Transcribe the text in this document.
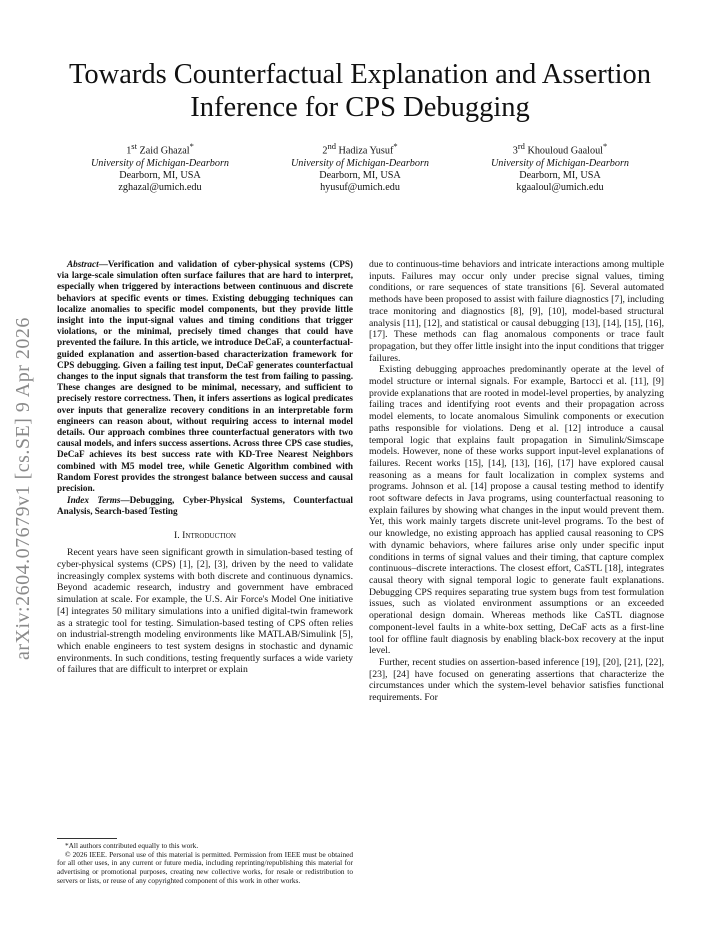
Towards Counterfactual Explanation and Assertion
Inference for CPS Debugging
1st Zaid Ghazal*
University of Michigan-Dearborn
Dearborn, MI, USA
zghazal@umich.edu
2nd Hadiza Yusuf*
University of Michigan-Dearborn
Dearborn, MI, USA
hyusuf@umich.edu
3rd Khouloud Gaaloul*
University of Michigan-Dearborn
Dearborn, MI, USA
kgaaloul@umich.edu
arXiv:2604.07679v1 [cs.SE] 9 Apr 2026

Abstract—Verification and validation of cyber-physical systems (CPS) via large-scale simulation often surface failures that are hard to interpret, especially when triggered by interactions between continuous and discrete behaviors at specific events or times. Existing debugging techniques can localize anomalies to specific model components, but they provide little insight into the input-signal values and timing conditions that trigger violations, or the minimal, precisely timed changes that could have prevented the failure. In this article, we introduce DeCaF, a counterfactual-guided explanation and assertion-based characterization framework for CPS debugging. Given a failing test input, DeCaF generates counterfactual changes to the input signals that transform the test from failing to passing. These changes are designed to be minimal, necessary, and sufficient to precisely restore correctness. Then, it infers assertions as logical predicates over inputs that generalize recovery conditions in an interpretable form engineers can reason about, without requiring access to internal model details. Our approach combines three counterfactual generators with two causal models, and infers success assertions. Across three CPS case studies, DeCaF achieves its best success rate with KD-Tree Nearest Neighbors combined with M5 model tree, while Genetic Algorithm combined with Random Forest provides the strongest balance between success and causal precision.

Index Terms—Debugging, Cyber-Physical Systems, Counterfactual Analysis, Search-based Testing

I. Introduction

Recent years have seen significant growth in simulation-based testing of cyber-physical systems (CPS) [1], [2], [3], driven by the need to validate increasingly complex systems with both discrete and continuous dynamics. Beyond academic research, industry and government have embraced simulation at scale. For example, the U.S. Air Force's Model One initiative [4] integrates 50 military simulations into a unified digital-twin framework as a strategic tool for testing. Simulation-based testing of CPS often relies on industrial-strength modeling environments like MATLAB/Simulink [5], which enable engineers to test system designs in stochastic and dynamic environments. In such conditions, testing frequently surfaces a wide variety of failures that are difficult to interpret or explain

*All authors contributed equally to this work.

© 2026 IEEE. Personal use of this material is permitted. Permission from IEEE must be obtained for all other uses, in any current or future media, including reprinting/republishing this material for advertising or promotional purposes, creating new collective works, for resale or redistribution to servers or lists, or reuse of any copyrighted component of this work in other works.

due to continuous-time behaviors and intricate interactions among multiple inputs. Failures may occur only under precise signal values, timing conditions, or rare sequences of state transitions [6]. Several automated methods have been proposed to assist with failure diagnostics [7], including trace monitoring and diagnostics [8], [9], [10], model-based structural analysis [11], [12], and statistical or causal debugging [13], [14], [15], [16], [17]. These methods can flag anomalous components or trace fault propagation, but they offer little insight into the input conditions that trigger failures.

Existing debugging approaches predominantly operate at the level of model structure or internal signals. For example, Bartocci et al. [11], [9] provide explanations that are rooted in model-level properties, by analyzing failing traces and identifying root events and their propagation across model elements, to locate anomalous Simulink components or execution paths responsible for violations. Deng et al. [12] introduce a causal temporal logic that explains fault propagation in Simulink/Simscape models. However, none of these works support input-level explanations of failures. Recent works [15], [14], [13], [16], [17] have explored causal reasoning as a means for fault localization in complex systems and programs. Johnson et al. [14] propose a causal testing method to identify root software defects in Java programs, using counterfactual reasoning to explain failures by showing what changes in the input would prevent them. Yet, this work mainly targets discrete unit-level programs. To the best of our knowledge, no existing approach has applied causal reasoning to CPS with dynamic behaviors, where failures arise only under specific input conditions in terms of signal values and their timing, that capture complex continuous–discrete interactions. The closest effort, CaSTL [18], integrates causal theory with signal temporal logic to generate fault explanations. Debugging CPS requires separating true system bugs from test formulation issues, such as violated environment assumptions or an exceeded operational design domain. Whereas methods like CaSTL diagnose component-level faults in a white-box setting, DeCaF acts as a first-line tool for offline fault diagnosis by enabling black-box recovery at the input level.

Further, recent studies on assertion-based inference [19], [20], [21], [22], [23], [24] have focused on generating assertions that characterize the circumstances under which the system-level behavior satisfies functional requirements. For
